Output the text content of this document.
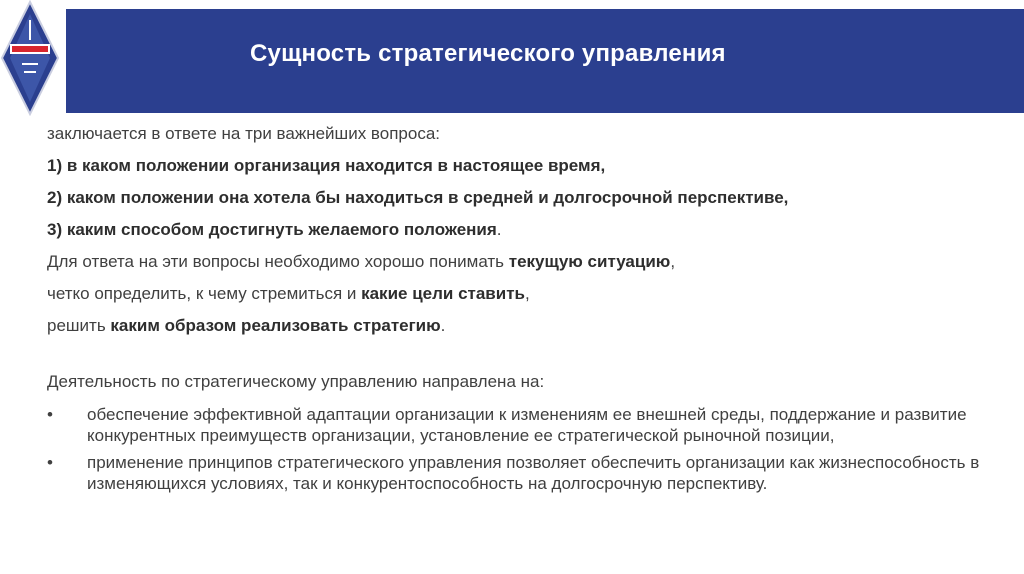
Сущность стратегического управления
заключается в ответе на три важнейших вопроса:
1) в каком положении организация находится в настоящее время,
2) каком положении она хотела бы находиться в средней и долгосрочной перспективе,
3) каким способом достигнуть желаемого положения.
Для ответа на эти вопросы необходимо хорошо понимать текущую ситуацию,
четко определить, к чему стремиться и какие цели ставить,
решить каким образом реализовать стратегию.
Деятельность по стратегическому управлению направлена на:
• обеспечение эффективной адаптации организации к изменениям ее внешней среды, поддержание и развитие конкурентных преимуществ организации, установление ее стратегической рыночной позиции,
• применение принципов стратегического управления позволяет обеспечить организации как жизнеспособность в изменяющихся условиях, так и конкурентоспособность на долгосрочную перспективу.
